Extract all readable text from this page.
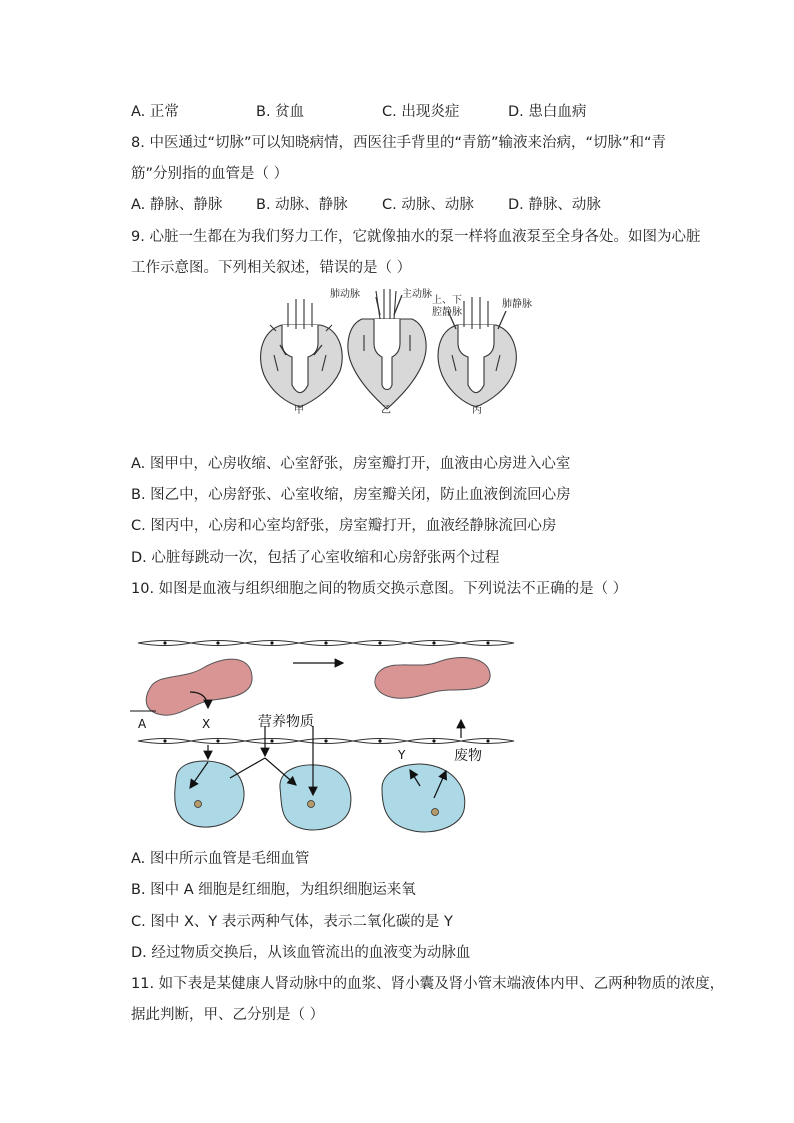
A. 正常	B. 贫血	C. 出现炎症	D. 患白血病
8. 中医通过“切脉”可以知晓病情，西医往手背里的“青筋”输液来治病，“切脉”和“青
筋”分别指的血管是（ ）
A. 静脉、静脉 B. 动脉、静脉 C. 动脉、动脉 D. 静脉、动脉
9. 心脏一生都在为我们努力工作，它就像抽水的泵一样将血液泵至全身各处。如图为心脏
工作示意图。下列相关叙述，错误的是（ ）
肺动脉	主动脉
上、下
腔静脉
肺静脉
甲	乙	丙
A. 图甲中，心房收缩、心室舒张，房室瓣打开，血液由心房进入心室
B. 图乙中，心房舒张、心室收缩，房室瓣关闭，防止血液倒流回心房
C. 图丙中，心房和心室均舒张，房室瓣打开，血液经静脉流回心房
D. 心脏每跳动一次，包括了心室收缩和心房舒张两个过程
10. 如图是血液与组织细胞之间的物质交换示意图。下列说法不正确的是（ ）
A	X	营养物质
Y	废物
A. 图中所示血管是毛细血管
B. 图中 A 细胞是红细胞，为组织细胞运来氧
C. 图中 X、Y 表示两种气体，表示二氧化碳的是 Y
D. 经过物质交换后，从该血管流出的血液变为动脉血
11. 如下表是某健康人肾动脉中的血浆、肾小囊及肾小管末端液体内甲、乙两种物质的浓度，
据此判断，甲、乙分别是（ ）
